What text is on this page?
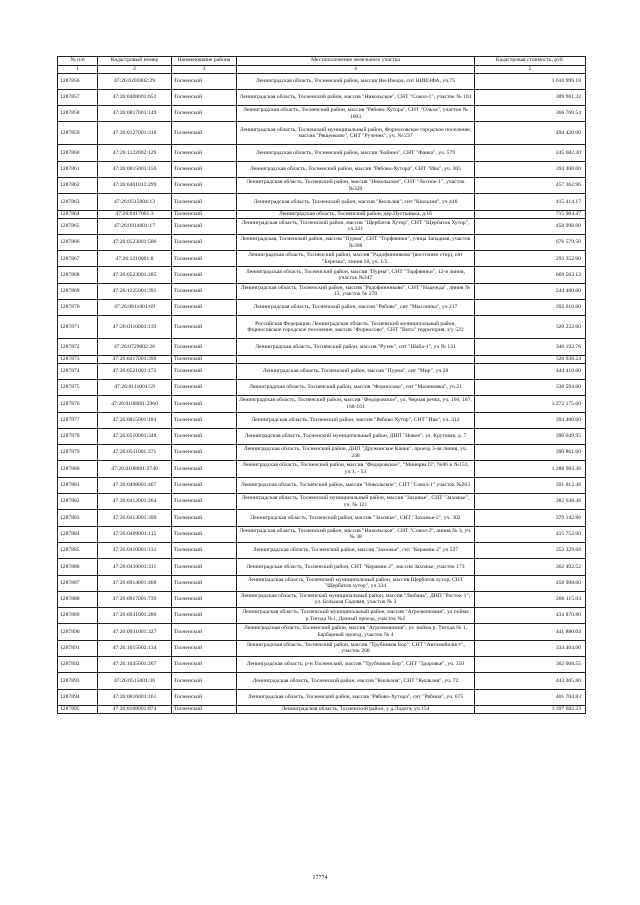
№ п/п	Кадастровый номер	Наименование района	Местоположение земельного участка	Кадастровая стоимость, руб.
1	2	3	4	5
1287856	47:26:0203002:29	Тосненский	Ленинградская область, Тосненский район, массив Ям-Ижора, снт НИИЭФА, уч.75	1 610 999.18
1287857	47:26:0408001:651	Тосненский	Ленинградская область, Тосненский район, массив "Никольское", СНТ "Сокол-1", участок № 104	309 961.32
1287858	47:26:0817001:149	Тосненский	Ленинградская область, Тосненский район, массив "Рябово-Хутора", СНТ "Ольха", участок № 1003	366 760.54
1287859	47:26:0127001:316	Тосненский	Ленинградская область, Тосненский муниципальный район, Форносовское городское поселение, массив "Рященково", СНТ "Рученек", уч. № 237	494 420.00
1287860	47:26:1122002:129	Тосненский	Ленинградская область, Тосненский район, массив "Бабино", СНТ "Фанка", уч. 579	245 682.30
1287861	47:26:0815001:156	Тосненский	Ленинградская область, Тосненский район, массив "Рябово-Хутора", СНТ "Ива", уч. 305	394 400.00
1287862	47:26:0401012:299	Тосненский	Ленинградская область, Тосненский район, массив "Никольское", СНТ "Лосное-1", участок №320	457 362.96
1287863	47:26:0515004:13	Тосненский	Ленинградская область, Тосненский район, массив "Кюльзия", снт "Кюльзия", уч 446	415 414.17
1287864	47:26:0417001:3	Тосненский	Ленинградская область, Тосненский район, дер.Пустынька, д.1б	715 984.47
1287865	47:26:0914001:17	Тосненский	Ленинградская область, Тосненский район, массив "Щербатов Хутор", СНТ "Щербатов Хутор", уч.321	458 998.00
1287866	47:26:0523001:506	Тосненский	Ленинградская, Тосненский район, массив "Пурма", СНТ "Торфяники", улица Западная, участок №398	676 579.50
1287867	47:26:1210001:8	Тосненский	Ленинградская область, Тосненский район, массив "Радофинниково"(восточнее стор), снт "Березка", линия 18, уч. 1/2.	293 352.00
1287868	47:26:0523001:285	Тосненский	Ленинградская область, Тосненский район, массив "Пурма", СНТ "Торфяники", 12-я линия, участок №347	669 563.12
1287869	47:26:1225001:391	Тосненский	Ленинградская область, Тосненский район, массив "Радофинниково", СНТ "Надежда", линия № 13, участок № 270	244 460.00
1287870	47:26:0811001:69	Тосненский	Ленинградская область, Тосненский район, массив "Рябово", снт "Мыслинка", уч 217	392 010.00
1287871	47:26:0110003:119	Тосненский	Российская Федерация, Ленинградская область, Тосненский муниципальный район, Форносовское городское поселение, массив "Форносово", СНТ "Вита" территория, з/у 522	320 232.00
1287872	47:26:0729002:26	Тосненский	Ленинградская область, Тосненский район, массив "Рутек", снт "Шаба-1", уч № 131	346 192.76
1287873	47:26:0417001:399	Тосненский		320 938.24
1287874	47:26:0521001:172	Тосненский	Ленинградская область, Тосненский район, массив "Пурма", снт "Мир", уч 28	444 410.00
1287875	47:26:0111001:59	Тосненский	Ленинградская область, Тосненский район, массив "Форносово", снт "Малиновка", уч.21	330 594.00
1287876	47:26:0108001:2960	Тосненский	Ленинградская область, Тосненский район, массив "Федоровское", ул. Черная речка, уч. 166, 167, 168-161	1 272 175.00
1287877	47:26:0815001:184	Тосненский	Ленинградская область, Тосненский район, массив "Рябово Хутор", СНТ "Ива", уч. 312	394 400.00
1287878	47:26:0510001:348	Тосненский	Ленинградская область, Тосненский муниципальный район, ДНП "Новое", ул. Круговая, д. 7	390 049.95
1287879	47:26:0511001:371	Тосненский	Ленинградская область, Тосненский район, ДНП "Дружинское Каньк", проезд 3-ая линия, уч. 248	390 861.00
1287880	47:26:0108001:2740	Тосненский	Ленинградская область, Тосненский район, массив "Федоровское", "Минерва П", №86 и №153, уч 1, - 53	1 288 983.36
1287881	47:26:0408001:467	Тосненский	Ленинградская область, Тосненский район, массив "Никольское", СНТ "Сокол-1" участок №263	391 012.48
1287882	47:26:0412001:264	Тосненский	Ленинградская область, Тосненский муниципальный район, массив "Захожье", СНТ "Захожье", уч. № 121	382 638.48
1287883	47:26:0413001:399	Тосненский	Ленинградская область, Тосненский район, массив "Захожье", СНТ "Захожье-2", уч. 302	379 142.86
1287884	47:26:0409001:115	Тосненский	Ленинградская область, Тосненский район, массив "Никольское", СНТ "Сокол-2", линия № 3, уч. № 38	415 752.00
1287885	47:26:0410001:131	Тосненский	Ленинградская область, Тосненский район, массив "Захожье", снт "Керамик-2" уч 537	353 329.68
1287886	47:26:0410001:311	Тосненский	Ленинградская область, Тосненский район, СНТ "Керамик-2", массив Захожье, участок 173	362 402.52
1287887	47:26:0914001:468	Тосненский	Ленинградская область, Тосненский муниципальный район, массив Щербатов хутор, СНТ "Щербатов хутор", уч 334	458 998.00
1287888	47:26:0917001:739	Тосненский	Ленинградская область, Тосненский муниципальный район, массив "Любань", ДНП "Росток-1", ул. Большая Садовая, участок № 3	286 115.04
1287889	47:26:0931001:286	Тосненский	Ленинградская область, Тосненский муниципальный район, массив "Агроэкономия", ул пойма р.Тигода №1, Дачный проезд, участок №2	434 870.80
1287890	47:26:0931001:327	Тосненский	Ленинградская область, Тосненский район, массив "Агроэкономия", ул. пойма р. Тигода № 1, Барбарный проезд, участок № 4	441 880.04
1287891	47:26:1015002:134	Тосненский	Ленинградская область, Тосненский район, массив "Трубников Бор", СНТ "Автомобилист", участок 208	334 404.00
1287892	47:26:1035001:267	Тосненский	Ленинградская область, р-н Тосненский, массив "Трубников Бор", СНТ "Здоровье", уч. 350	362 068.55
1287893	47:26:0515001:36	Тосненский	Ленинградская область, Тосненский район, массив "Кюльзия", СНТ "Кюльзия", уч. 72	443 305.80
1287894	47:26:0816001:161	Тосненский	Ленинградская область, Тосненский район, массив "Рябово-Хутора", снт "Рябина", уч. 675	401 704.83
1287895	47:26:0108001:874	Тосненский	Ленинградская область, Тосненский район, у д.Ладога, уч.154	1 397 682.23
17774
